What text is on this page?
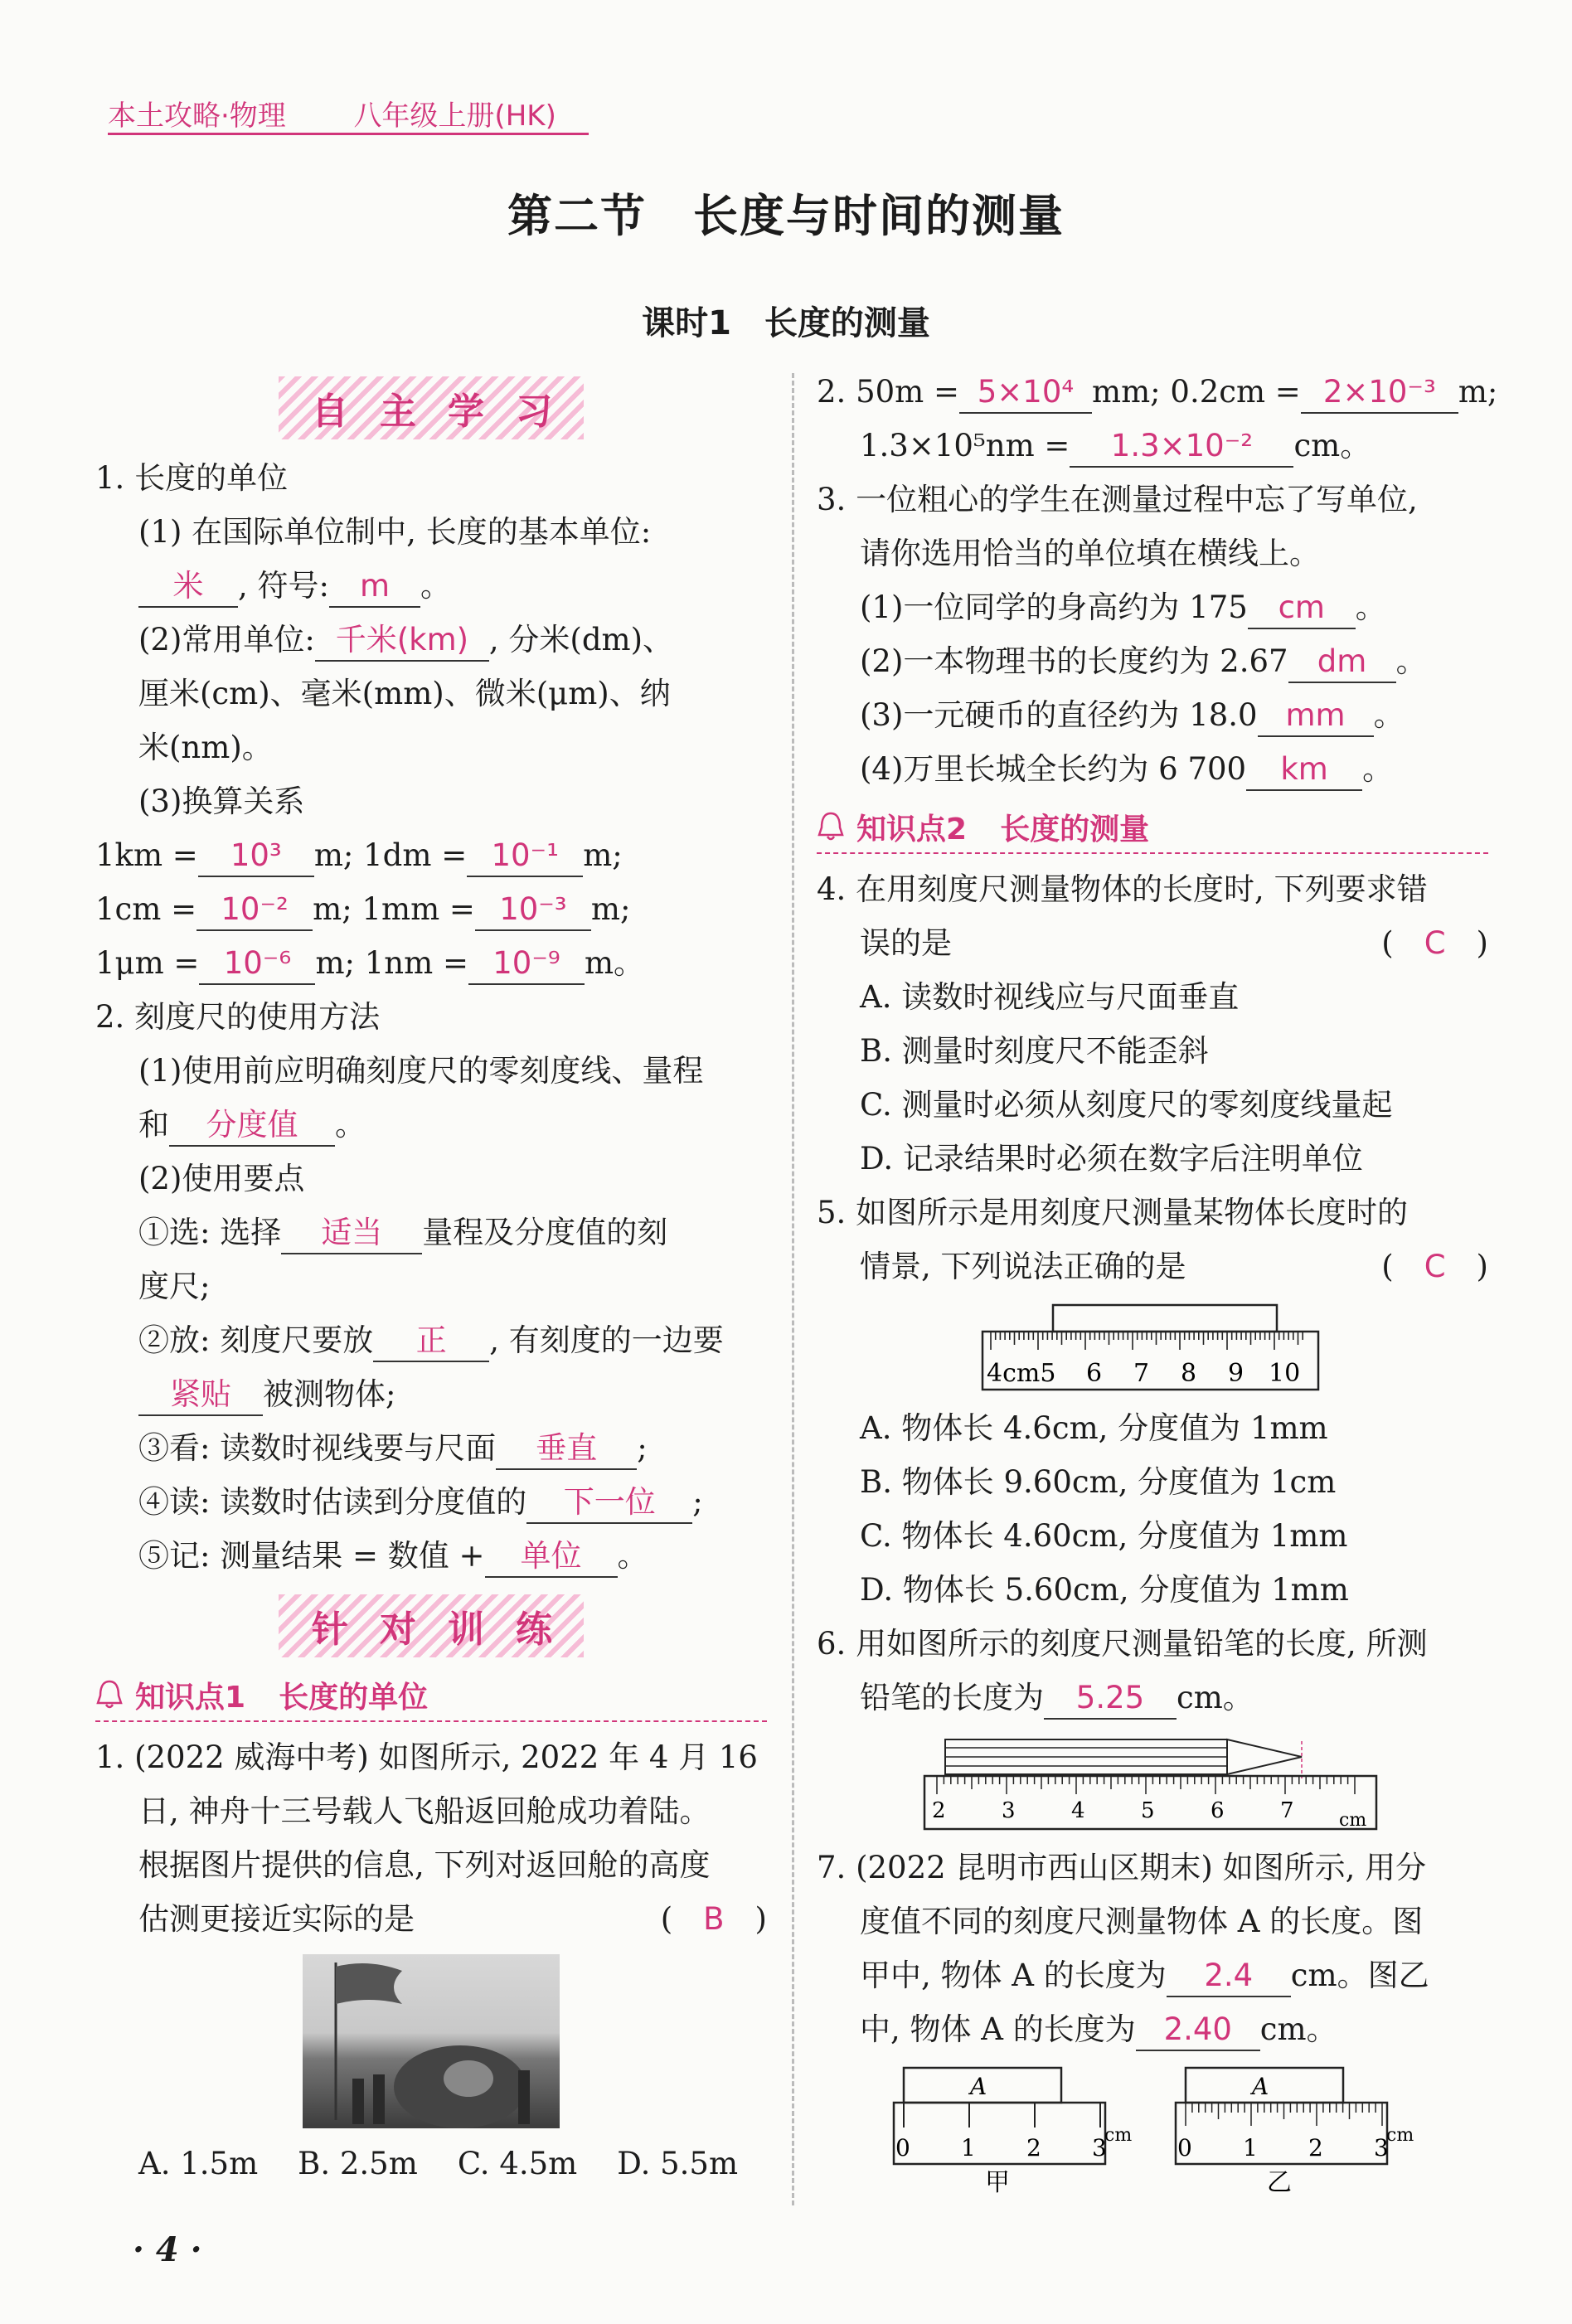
本土攻略·物理 八年级上册(HK)
第二节　长度与时间的测量
课时1　长度的测量
自主学习
1. 长度的单位
(1) 在国际单位制中, 长度的基本单位:
米 , 符号: m 。
(2)常用单位: 千米(km) , 分米(dm)、
厘米(cm)、毫米(mm)、微米(μm)、纳
米(nm)。
(3)换算关系
1km = 10³ m; 1dm = 10⁻¹ m;
1cm = 10⁻² m; 1mm = 10⁻³ m;
1μm = 10⁻⁶ m; 1nm = 10⁻⁹ m。
2. 刻度尺的使用方法
(1)使用前应明确刻度尺的零刻度线、量程
和 分度值 。
(2)使用要点
①选: 选择 适当 量程及分度值的刻
度尺;
②放: 刻度尺要放 正 , 有刻度的一边要
紧贴 被测物体;
③看: 读数时视线要与尺面 垂直 ;
④读: 读数时估读到分度值的 下一位 ;
⑤记: 测量结果 = 数值 + 单位 。
针对训练
知识点1 长度的单位
1. (2022 威海中考) 如图所示, 2022 年 4 月 16
日, 神舟十三号载人飞船返回舱成功着陆。
根据图片提供的信息, 下列对返回舱的高度
估测更接近实际的是	(　B　)
A. 1.5m B. 2.5m C. 4.5m D. 5.5m
2. 50m = 5×10⁴ mm; 0.2cm = 2×10⁻³ m;
1.3×10⁵nm = 1.3×10⁻² cm。
3. 一位粗心的学生在测量过程中忘了写单位,
请你选用恰当的单位填在横线上。
(1)一位同学的身高约为 175 cm 。
(2)一本物理书的长度约为 2.67 dm 。
(3)一元硬币的直径约为 18.0 mm 。
(4)万里长城全长约为 6 700 km 。
知识点2 长度的测量
4. 在用刻度尺测量物体的长度时, 下列要求错
误的是	(　C　)
A. 读数时视线应与尺面垂直
B. 测量时刻度尺不能歪斜
C. 测量时必须从刻度尺的零刻度线量起
D. 记录结果时必须在数字后注明单位
5. 如图所示是用刻度尺测量某物体长度时的
情景, 下列说法正确的是	(　C　)
4cm5 6 7 8 9 10
A. 物体长 4.6cm, 分度值为 1mm
B. 物体长 9.60cm, 分度值为 1cm
C. 物体长 4.60cm, 分度值为 1mm
D. 物体长 5.60cm, 分度值为 1mm
6. 用如图所示的刻度尺测量铅笔的长度, 所测
铅笔的长度为 5.25 cm。
2	3	4	5	6	7 cm
7. (2022 昆明市西山区期末) 如图所示, 用分
度值不同的刻度尺测量物体 A 的长度。图
甲中, 物体 A 的长度为 2.4 cm。图乙
中, 物体 A 的长度为 2.40 cm。
A
0 1 2 3
cm
甲
A
0 1 2 3
cm
乙
· 4 ·
